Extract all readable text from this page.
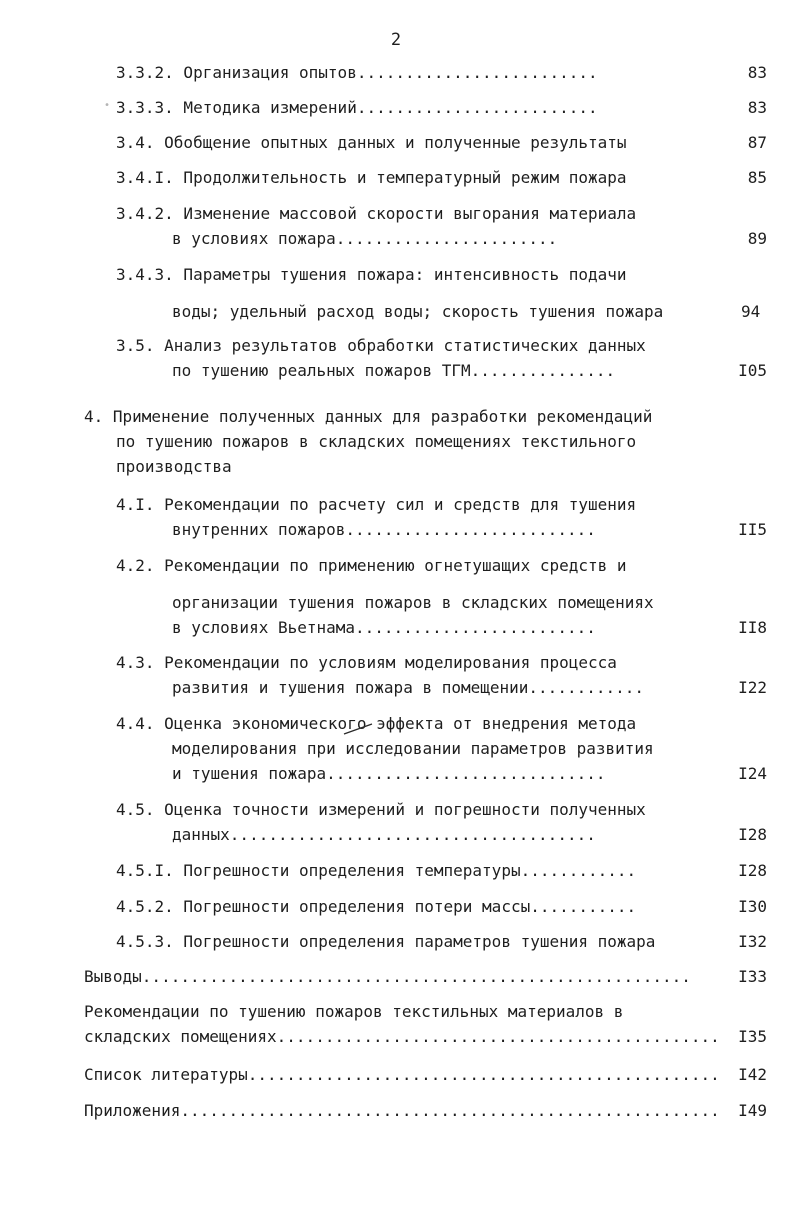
2
•
3.3.2. Организация опытов.........................	83
3.3.3. Методика измерений.........................	83
3.4. Обобщение опытных данных и полученные результаты	87
3.4.I. Продолжительность и температурный режим пожара	85
3.4.2. Изменение массовой скорости выгорания материала
в условиях пожара.......................	89
3.4.3. Параметры тушения пожара: интенсивность подачи
воды; удельный расход воды; скорость тушения пожара	94
3.5. Анализ результатов обработки статистических данных
по тушению реальных пожаров ТГМ...............	I05
4. Применение полученных данных для разработки рекомендаций
по тушению пожаров в складских помещениях текстильного
производства
4.I. Рекомендации по расчету сил и средств для тушения
внутренних пожаров..........................	II5
4.2. Рекомендации по применению огнетушащих средств и
организации тушения пожаров в складских помещениях
в условиях Вьетнама.........................	II8
4.3. Рекомендации по условиям моделирования процесса
развития и тушения пожара в помещении............	I22
4.4. Оценка экономического эффекта от внедрения метода
моделирования при исследовании параметров развития
и тушения пожара.............................	I24
4.5. Оценка точности измерений и погрешности полученных
данных......................................	I28
4.5.I. Погрешности определения температуры............	I28
4.5.2. Погрешности определения потери массы...........	I30
4.5.3. Погрешности определения параметров тушения пожара	I32
Выводы.........................................................	I33
Рекомендации по тушению пожаров текстильных материалов в
складских помещениях..............................................	I35
Список литературы.................................................	I42
Приложения........................................................	I49
